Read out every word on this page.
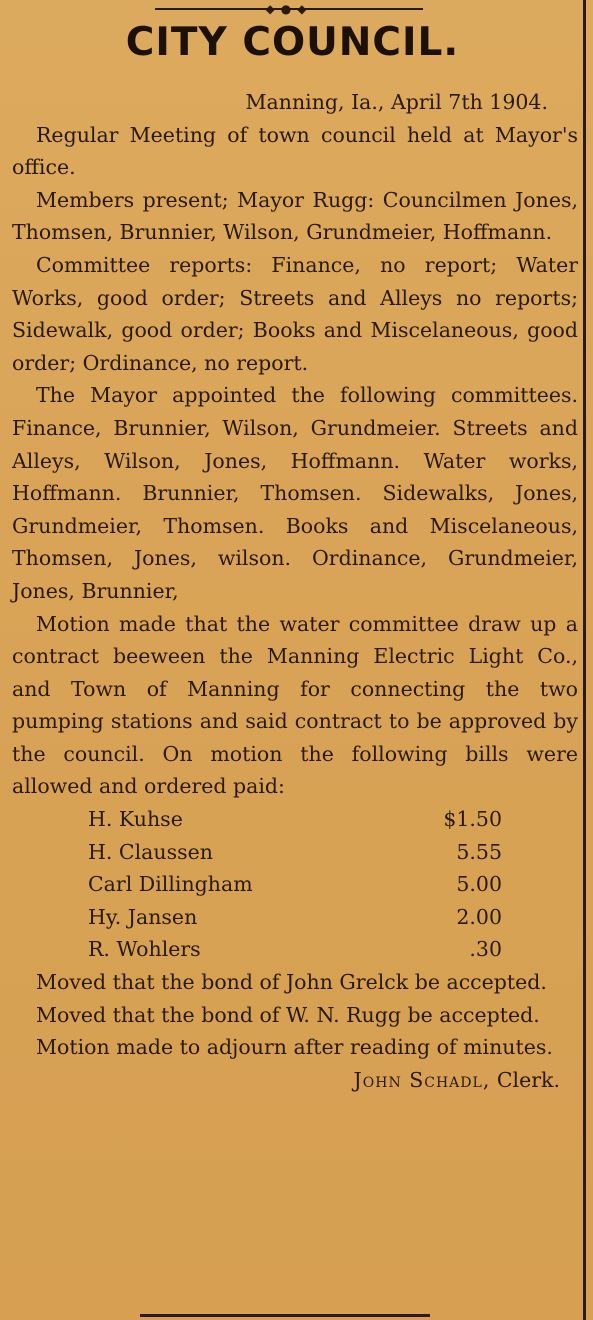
◆●◆
CITY COUNCIL.
Manning, Ia., April 7th 1904.

Regular Meeting of town council held at Mayor's office.

Members present; Mayor Rugg: Councilmen Jones, Thomsen, Brunnier, Wilson, Grundmeier, Hoffmann.

Committee reports: Finance, no report; Water Works, good order; Streets and Alleys no reports; Sidewalk, good order; Books and Miscelaneous, good order; Ordinance, no report.

The Mayor appointed the following committees. Finance, Brunnier, Wilson, Grundmeier. Streets and Alleys, Wilson, Jones, Hoffmann. Water works, Hoffmann. Brunnier, Thomsen. Sidewalks, Jones, Grundmeier, Thomsen. Books and Miscelaneous, Thomsen, Jones, wilson. Ordinance, Grundmeier, Jones, Brunnier,

Motion made that the water committee draw up a contract beeween the Manning Electric Light Co., and Town of Manning for connecting the two pumping stations and said contract to be approved by the council. On motion the following bills were allowed and ordered paid:

H. Kuhse	$1.50
H. Claussen	5.55
Carl Dillingham	5.00
Hy. Jansen	2.00
R. Wohlers	.30

Moved that the bond of John Grelck be accepted.

Moved that the bond of W. N. Rugg be accepted.

Motion made to adjourn after reading of minutes.

John Schadl, Clerk.
